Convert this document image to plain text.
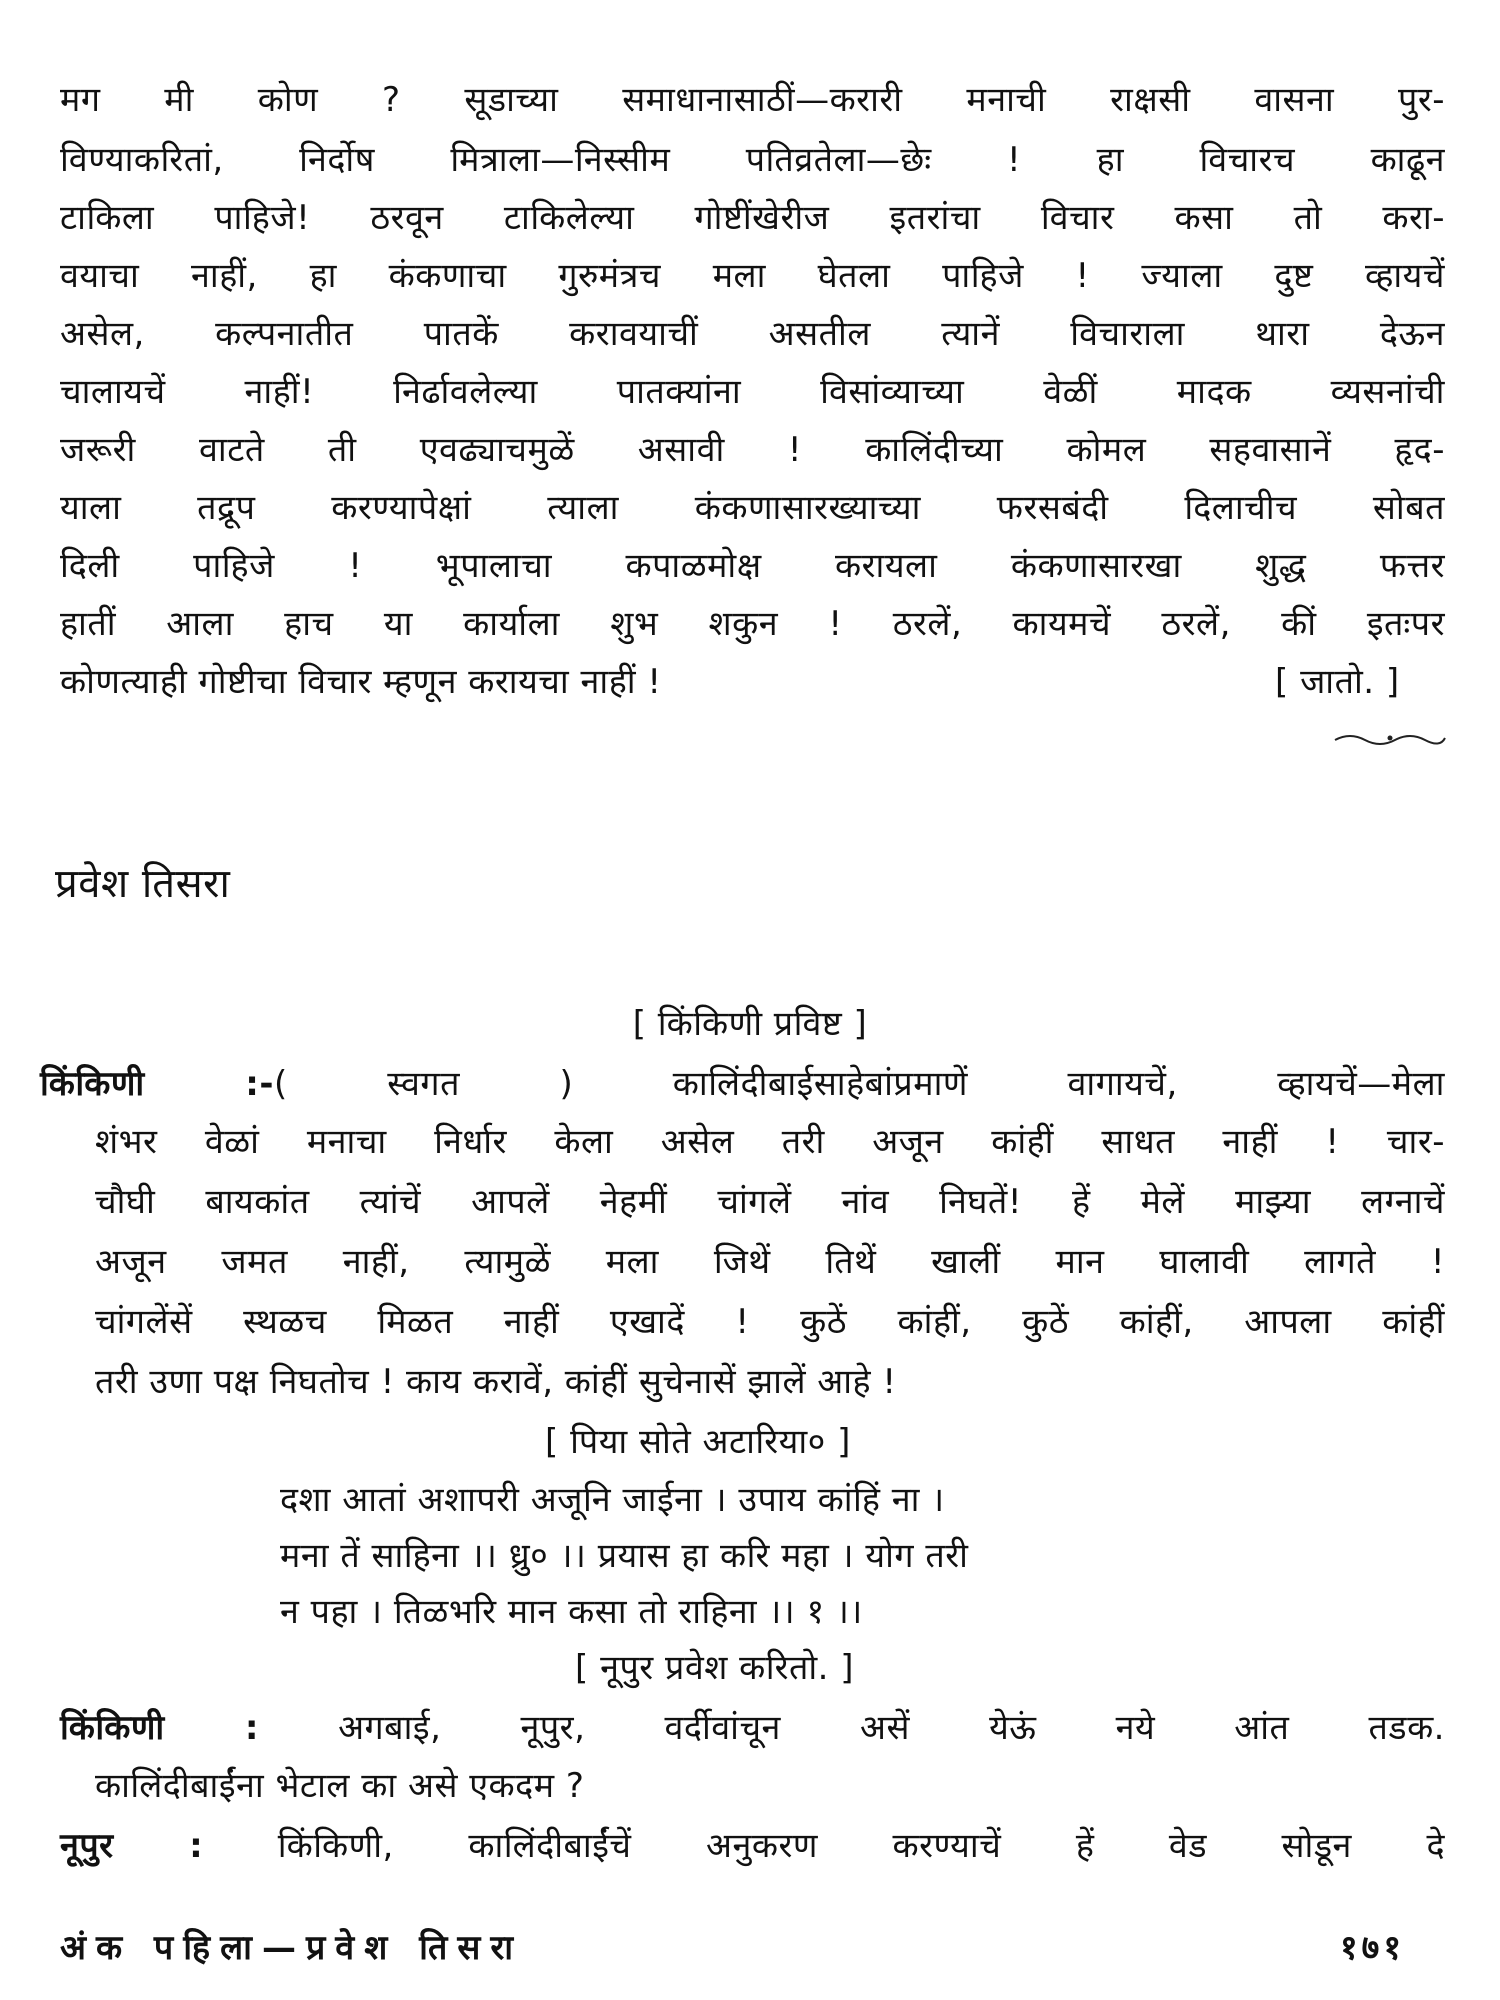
मग मी कोण ? सूडाच्या समाधानासाठीं—करारी मनाची राक्षसी वासना पुर-
विण्याकरितां, निर्दोष मित्राला—निस्सीम पतिव्रतेला—छेः ! हा विचारच काढून
टाकिला पाहिजे! ठरवून टाकिलेल्या गोष्टींखेरीज इतरांचा विचार कसा तो करा-
वयाचा नाहीं, हा कंकणाचा गुरुमंत्रच मला घेतला पाहिजे ! ज्याला दुष्ट व्हायचें
असेल, कल्पनातीत पातकें करावयाचीं असतील त्यानें विचाराला थारा देऊन
चालायचें नाहीं! निर्ढावलेल्या पातक्यांना विसांव्याच्या वेळीं मादक व्यसनांची
जरूरी वाटते ती एवढ्याचमुळें असावी ! कालिंदीच्या कोमल सहवासानें हृद-
याला तद्रूप करण्यापेक्षां त्याला कंकणासारख्याच्या फरसबंदी दिलाचीच सोबत
दिली पाहिजे ! भूपालाचा कपाळमोक्ष करायला कंकणासारखा शुद्ध फत्तर
हातीं आला हाच या कार्याला शुभ शकुन ! ठरलें, कायमचें ठरलें, कीं इतःपर
कोणत्याही गोष्टीचा विचार म्हणून करायचा नाहीं !	[ जातो. ]
प्रवेश तिसरा
[ किंकिणी प्रविष्ट ]
किंकिणी :-( स्वगत ) कालिंदीबाईसाहेबांप्रमाणें वागायचें, व्हायचें—मेला
शंभर वेळां मनाचा निर्धार केला असेल तरी अजून कांहीं साधत नाहीं ! चार-
चौघी बायकांत त्यांचें आपलें नेहमीं चांगलें नांव निघतें! हें मेलें माझ्या लग्नाचें
अजून जमत नाहीं, त्यामुळें मला जिथें तिथें खालीं मान घालावी लागते !
चांगलेंसें स्थळच मिळत नाहीं एखादें ! कुठें कांहीं, कुठें कांहीं, आपला कांहीं
तरी उणा पक्ष निघतोच ! काय करावें, कांहीं सुचेनासें झालें आहे !
[ पिया सोते अटारिया० ]
दशा आतां अशापरी अजूनि जाईना । उपाय कांहिं ना ।
मना तें साहिना ।। ध्रु० ।। प्रयास हा करि महा । योग तरी
न पहा । तिळभरि मान कसा तो राहिना ।। १ ।।
[ नूपुर प्रवेश करितो. ]
किंकिणी : अगबाई, नूपुर, वर्दीवांचून असें येऊं नये आंत तडक.
कालिंदीबाईंना भेटाल का असे एकदम ?
नूपुर : किंकिणी, कालिंदीबाईंचें अनुकरण करण्याचें हें वेड सोडून दे
अंक पहिला—प्रवेश तिसरा	१७१
